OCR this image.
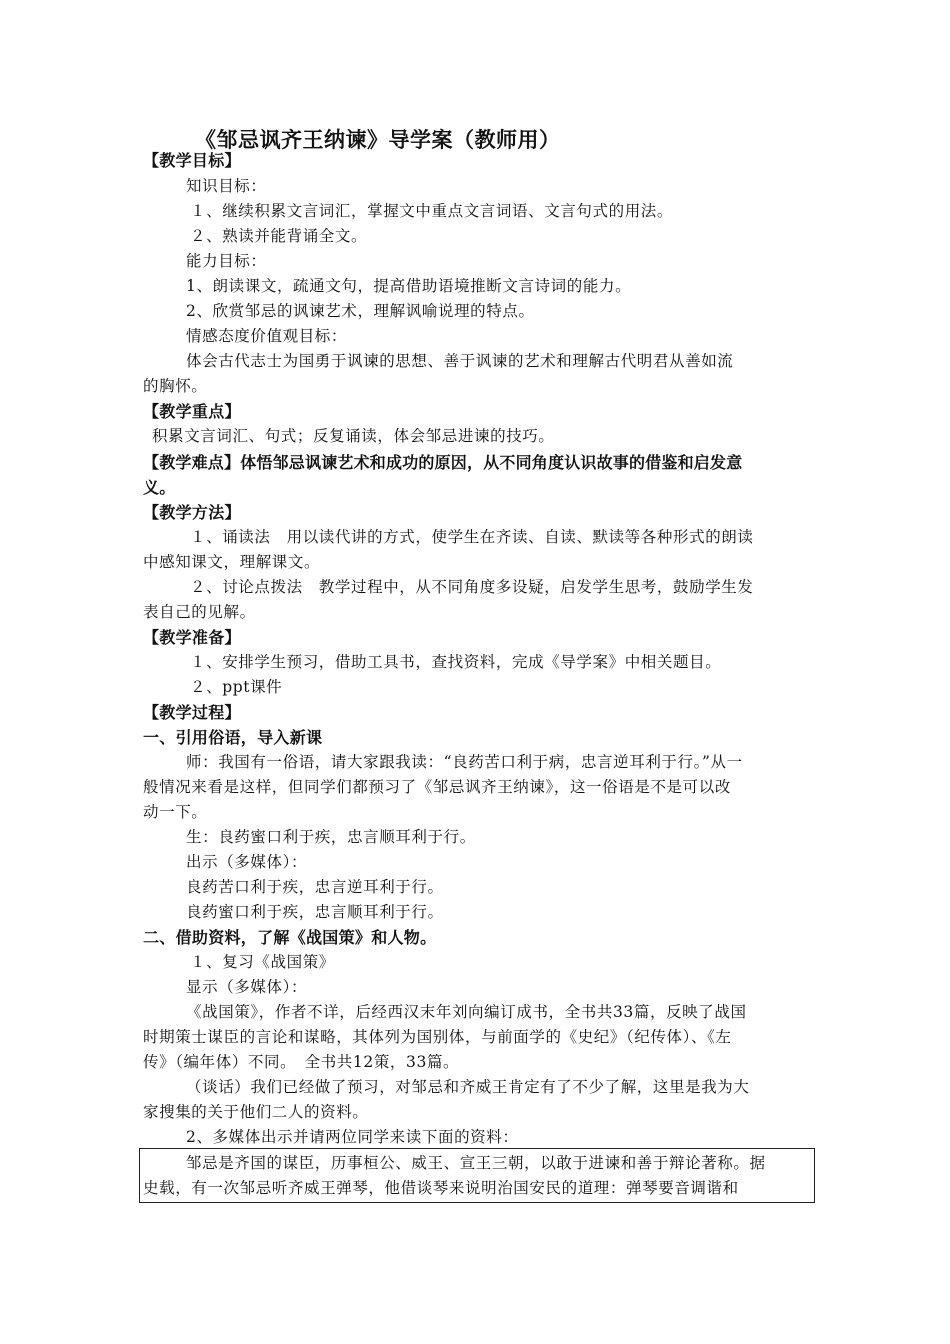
《邹忌讽齐王纳谏》导学案（教师用）
【教学目标】
知识目标：
１、继续积累文言词汇，掌握文中重点文言词语、文言句式的用法。
２、熟读并能背诵全文。
能力目标：
1、朗读课文，疏通文句，提高借助语境推断文言诗词的能力。
2、欣赏邹忌的讽谏艺术，理解讽喻说理的特点。
情感态度价值观目标：
体会古代志士为国勇于讽谏的思想、善于讽谏的艺术和理解古代明君从善如流
的胸怀。
【教学重点】
积累文言词汇、句式；反复诵读，体会邹忌进谏的技巧。
【教学难点】体悟邹忌讽谏艺术和成功的原因，从不同角度认识故事的借鉴和启发意
义。
【教学方法】
１、诵读法　用以读代讲的方式，使学生在齐读、自读、默读等各种形式的朗读
中感知课文，理解课文。
２、讨论点拨法　教学过程中，从不同角度多设疑，启发学生思考，鼓励学生发
表自己的见解。
【教学准备】
１、安排学生预习，借助工具书，查找资料，完成《导学案》中相关题目。
２、ppt课件
【教学过程】
一、引用俗语，导入新课
师：我国有一俗语，请大家跟我读：“良药苦口利于病，忠言逆耳利于行。”从一
般情况来看是这样，但同学们都预习了《邹忌讽齐王纳谏》，这一俗语是不是可以改
动一下。
生：良药蜜口利于疾，忠言顺耳利于行。
出示（多媒体）：
良药苦口利于疾，忠言逆耳利于行。
良药蜜口利于疾，忠言顺耳利于行。
二、借助资料，了解《战国策》和人物。
１、复习《战国策》
显示（多媒体）：
《战国策》，作者不详，后经西汉末年刘向编订成书，全书共33篇，反映了战国
时期策士谋臣的言论和谋略，其体列为国别体，与前面学的《史纪》（纪传体）、《左
传》（编年体）不同。　全书共12策，33篇。
（谈话）我们已经做了预习，对邹忌和齐威王肯定有了不少了解，这里是我为大
家搜集的关于他们二人的资料。
2、多媒体出示并请两位同学来读下面的资料：
邹忌是齐国的谋臣，历事桓公、威王、宣王三朝，以敢于进谏和善于辩论著称。据
史载，有一次邹忌听齐威王弹琴，他借谈琴来说明治国安民的道理：弹琴要音调谐和
